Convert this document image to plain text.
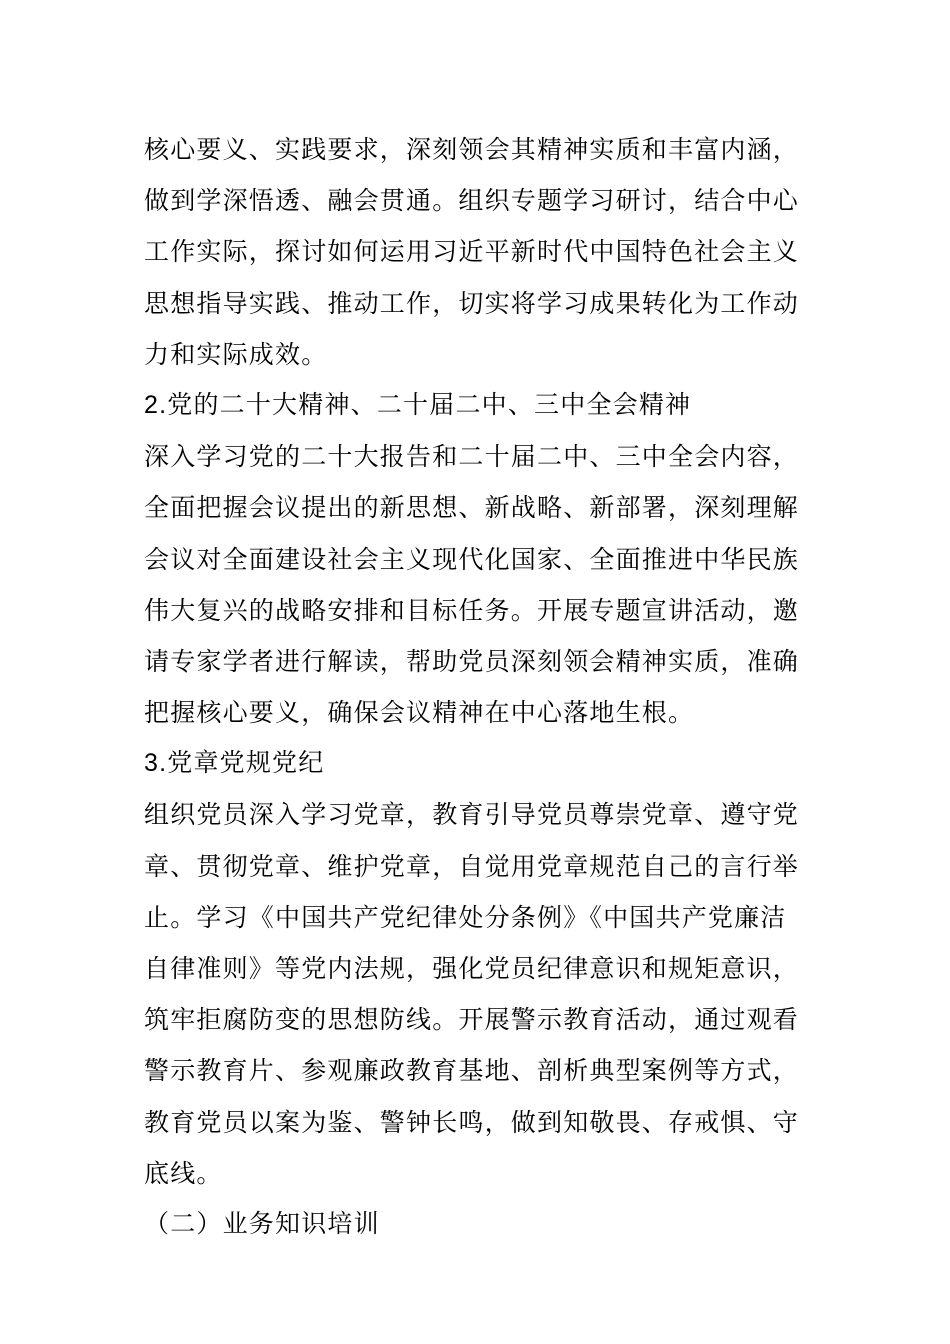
核心要义、实践要求，深刻领会其精神实质和丰富内涵，
做到学深悟透、融会贯通。组织专题学习研讨，结合中心
工作实际，探讨如何运用习近平新时代中国特色社会主义
思想指导实践、推动工作，切实将学习成果转化为工作动
力和实际成效。
2.党的二十大精神、二十届二中、三中全会精神
深入学习党的二十大报告和二十届二中、三中全会内容，
全面把握会议提出的新思想、新战略、新部署，深刻理解
会议对全面建设社会主义现代化国家、全面推进中华民族
伟大复兴的战略安排和目标任务。开展专题宣讲活动，邀
请专家学者进行解读，帮助党员深刻领会精神实质，准确
把握核心要义，确保会议精神在中心落地生根。
3.党章党规党纪
组织党员深入学习党章，教育引导党员尊崇党章、遵守党
章、贯彻党章、维护党章，自觉用党章规范自己的言行举
止。学习《中国共产党纪律处分条例》《中国共产党廉洁
自律准则》等党内法规，强化党员纪律意识和规矩意识，
筑牢拒腐防变的思想防线。开展警示教育活动，通过观看
警示教育片、参观廉政教育基地、剖析典型案例等方式，
教育党员以案为鉴、警钟长鸣，做到知敬畏、存戒惧、守
底线。
（二）业务知识培训
